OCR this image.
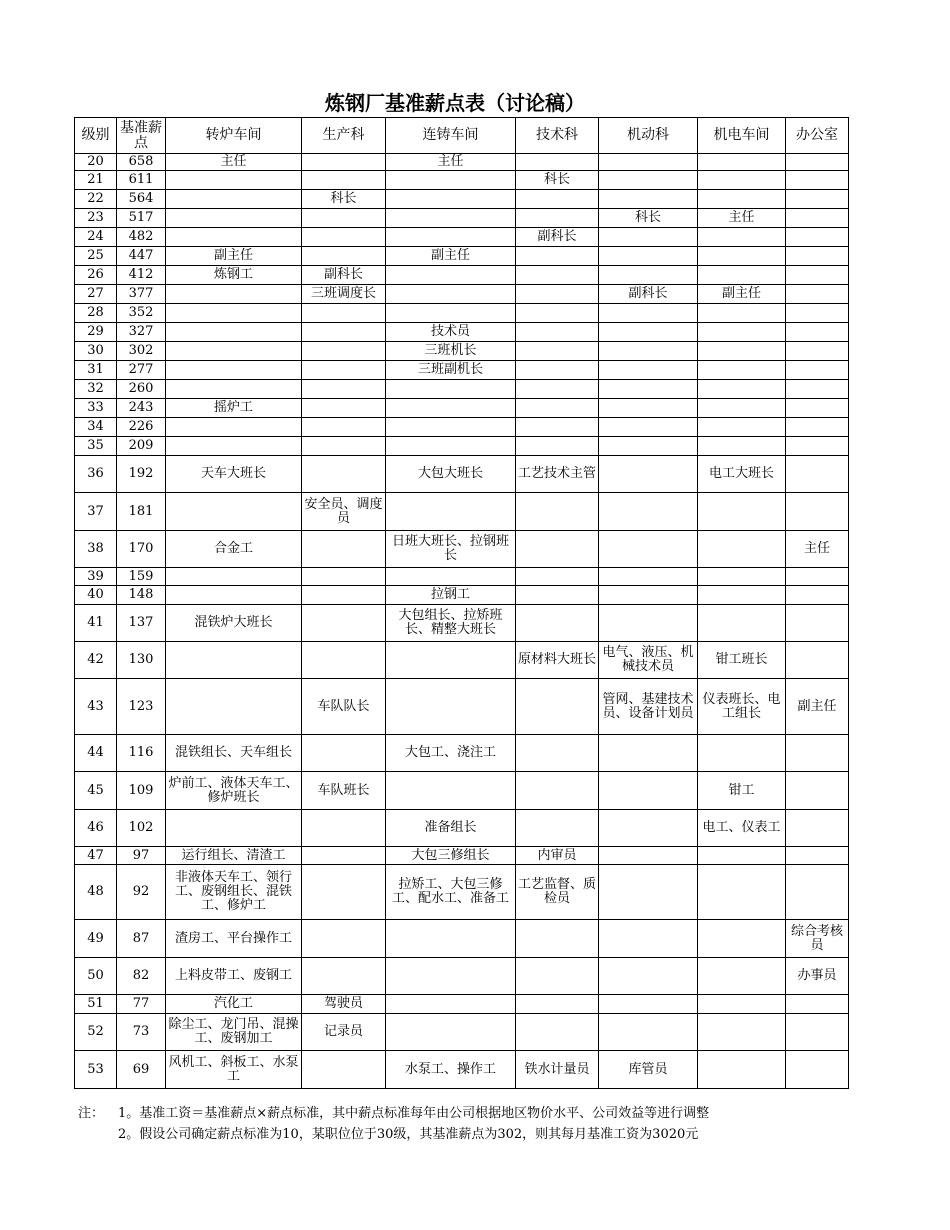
炼钢厂基准薪点表（讨论稿）
级别	基准薪点	转炉车间	生产科	连铸车间	技术科	机动科	机电车间	办公室
20	658	主任		主任				
21	611				科长			
22	564		科长					
23	517					科长	主任	
24	482				副科长			
25	447	副主任		副主任				
26	412	炼钢工	副科长					
27	377		三班调度长			副科长	副主任	
28	352							
29	327			技术员				
30	302			三班机长				
31	277			三班副机长				
32	260							
33	243	摇炉工						
34	226							
35	209							
36	192	天车大班长		大包大班长	工艺技术主管		电工大班长	
37	181		安全员、调度员					
38	170	合金工		日班大班长、拉钢班长				主任
39	159							
40	148			拉钢工				
41	137	混铁炉大班长		大包组长、拉矫班长、精整大班长				
42	130				原材料大班长	电气、液压、机械技术员	钳工班长	
43	123		车队队长			管网、基建技术员、设备计划员	仪表班长、电工组长	副主任
44	116	混铁组长、天车组长		大包工、浇注工				
45	109	炉前工、液体天车工、修炉班长	车队班长				钳工	
46	102			准备组长			电工、仪表工	
47	97	运行组长、清渣工		大包三修组长	内审员			
48	92	非液体天车工、领行工、废钢组长、混铁工、修炉工		拉矫工、大包三修工、配水工、准备工	工艺监督、质检员			
49	87	渣房工、平台操作工						综合考核员
50	82	上料皮带工、废钢工						办事员
51	77	汽化工	驾驶员					
52	73	除尘工、龙门吊、混操工、废钢加工	记录员					
53	69	风机工、斜板工、水泵工		水泵工、操作工	铁水计量员	库管员		
注：	1。基准工资＝基准薪点×薪点标准，其中薪点标准每年由公司根据地区物价水平、公司效益等进行调整
2。假设公司确定薪点标准为10，某职位位于30级，其基准薪点为302，则其每月基准工资为3020元
